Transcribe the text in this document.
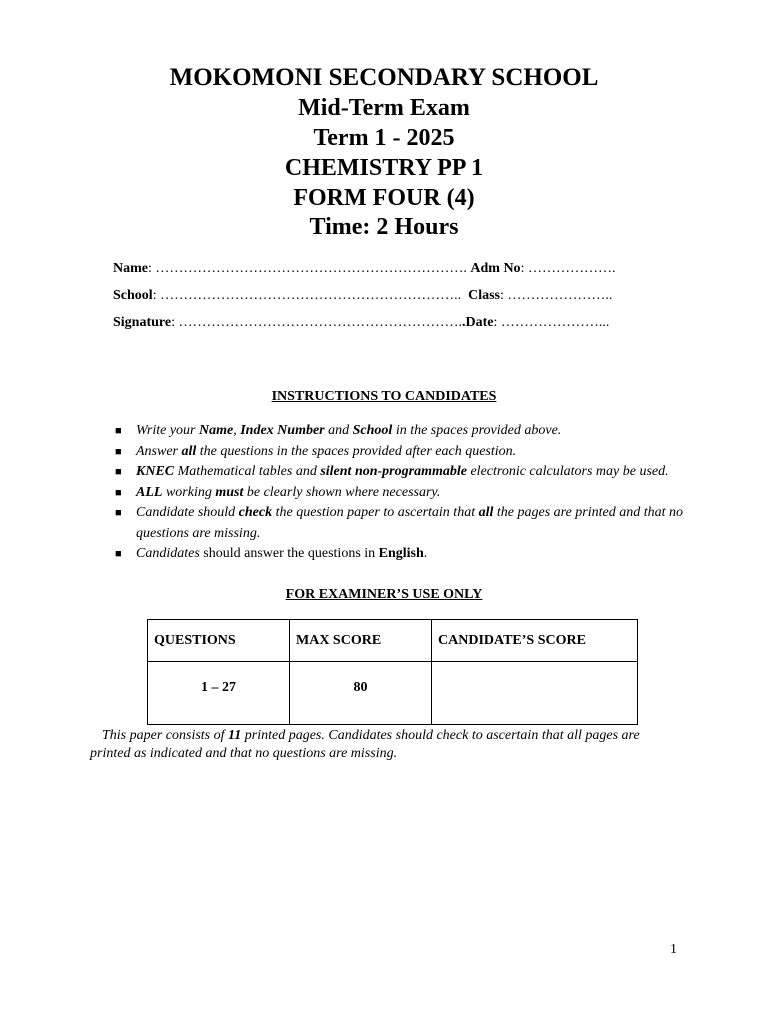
MOKOMONI SECONDARY SCHOOL
Mid-Term Exam
Term 1 - 2025
CHEMISTRY PP 1
FORM FOUR (4)
Time: 2 Hours
Name: …………………………………………………………. Adm No: ……………….
School: ……………………………………………………….. Class: …………………..
Signature: ……………………………………………………..Date: …………………...
INSTRUCTIONS TO CANDIDATES
■ Write your Name, Index Number and School in the spaces provided above.
■ Answer all the questions in the spaces provided after each question.
■ KNEC Mathematical tables and silent non-programmable electronic calculators may be used.
■ ALL working must be clearly shown where necessary.
■ Candidate should check the question paper to ascertain that all the pages are printed and that no questions are missing.
■ Candidates should answer the questions in English.
FOR EXAMINER’S USE ONLY
QUESTIONS	MAX SCORE	CANDIDATE’S SCORE
1 – 27	80	
This paper consists of 11 printed pages. Candidates should check to ascertain that all pages are printed as indicated and that no questions are missing.
1
